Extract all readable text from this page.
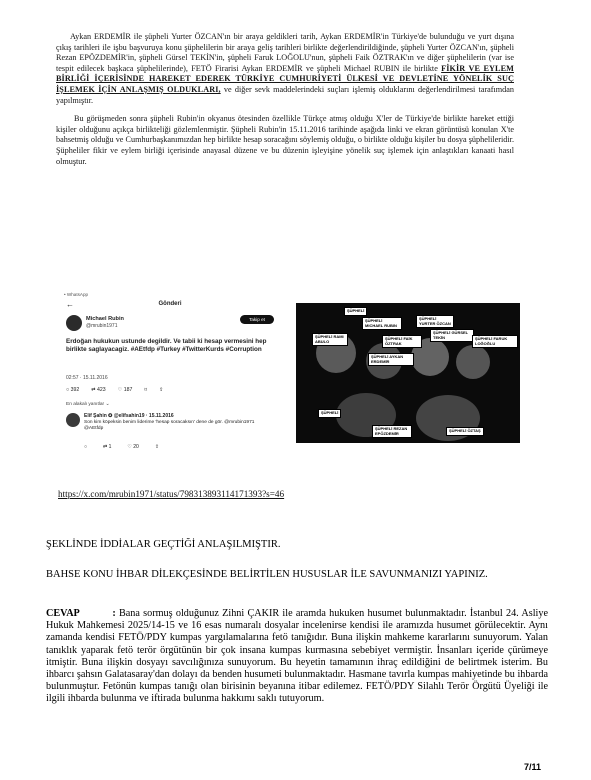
Aykan ERDEMİR ile şüpheli Yurter ÖZCAN'ın bir araya geldikleri tarih, Aykan ERDEMİR'in Türkiye'de bulunduğu ve yurt dışına çıkış tarihleri ile işbu başvuruya konu şüphelilerin bir araya geliş tarihleri birlikte değerlendirildiğinde, şüpheli Yurter ÖZCAN'ın, şüpheli Rezan EPÖZDEMİR'in, şüpheli Gürsel TEKİN'in, şüpheli Faruk LOĞOLU'nun, şüpheli Faik ÖZTRAK'ın ve diğer şüphelilerin (var ise tespit edilecek başkaca şüphelilerinde), FETÖ Firarisi Aykan ERDEMİR ve şüpheli Michael RUBIN ile birlikte FİKİR VE EYLEM BİRLİĞİ İÇERİSİNDE HAREKET EDEREK TÜRKİYE CUMHURİYETİ ÜLKESİ VE DEVLETİNE YÖNELİK SUÇ İŞLEMEK İÇİN ANLAŞMIŞ OLDUKLARI, ve diğer sevk maddelerindeki suçları işlemiş olduklarını değerlendirilmesi tarafımdan yapılmıştır.

Bu görüşmeden sonra şüpheli Rubin'in okyanus ötesinden özellikle Türkçe atmış olduğu X'ler de Türkiye'de birlikte hareket ettiği kişiler olduğunu açıkça birlikteliği gözlemlenmiştir. Şüpheli Rubin'in 15.11.2016 tarihinde aşağıda linki ve ekran görüntüsü konulan X'te bahsetmiş olduğu ve Cumhurbaşkanımızdan hep birlikte hesap soracağını söylemiş olduğu, o birlikte olduğu kişiler bu dosya şüphelileridir. Şüpheliler fikir ve eylem birliği içerisinde anayasal düzene ve bu düzenin işleyişine yönelik suç işlemek için anlaştıkları kanaati hasıl olmuştur.

• WhatsApp
←	Gönderi
Michael Rubin
@mrubin1971
Takip et
Erdoğan hukukun ustunde degildir. Ve tabii ki hesap vermesini hep birlikte saglayacagiz. #AEtfdp #Turkey #TwitterKurds #Corruption
02:57 · 15.11.2016
○ 392 ⇄ 423 ♡ 187 ⌑ ⇪
En alakalı yanıtlar ⌄
Elif Şahin ✪ @elifsahin19 · 15.11.2016
Son kim köpeksin benim liderime 'hesap soracaksın' dene de gör. @mrubin1971 @AEtfdp
○	⇄ 1	♡ 20	⇪
ŞÜPHELİ
ŞÜPHELİ MICHAEL RUBIN
ŞÜPHELİ YURTER ÖZCAN
ŞÜPHELİ RAMI ABULO
ŞÜPHELİ FAİK ÖZTRAK
ŞÜPHELİ GÜRSEL TEKİN	ŞÜPHELİ FARUK LOĞOĞLU
ŞÜPHELİ AYKAN ERDEMİR
ŞÜPHELİ
ŞÜPHELİ REZAN EPÖZDEMİR
ŞÜPHELİ ÖZTAŞ
https://x.com/mrubin1971/status/798313893114171393?s=46
ŞEKLİNDE İDDİALAR GEÇTİĞİ ANLAŞILMIŞTIR.
BAHSE KONU İHBAR DİLEKÇESİNDE BELİRTİLEN HUSUSLAR İLE SAVUNMANIZI YAPINIZ.
CEVAP	: Bana sormuş olduğunuz Zihni ÇAKIR ile aramda hukuken husumet bulunmaktadır. İstanbul 24. Asliye Hukuk Mahkemesi 2025/14-15 ve 16 esas numaralı dosyalar incelenirse kendisi ile aramızda husumet görülecektir. Aynı zamanda kendisi FETÖ/PDY kumpas yargılamalarına fetö tanığıdır. Buna ilişkin mahkeme kararlarını sunuyorum. Yalan tanıklık yaparak fetö terör örgütünün bir çok insana kumpas kurmasına sebebiyet vermiştir. İnsanları içeride çürümeye itmiştir. Buna ilişkin dosyayı savcılığınıza sunuyorum. Bu heyetin tamamının ihraç edildiğini de belirtmek isterim. Bu ihbarcı şahsın Galatasaray'dan dolayı da benden husumeti bulunmaktadır. Hasmane tavırla kumpas mahiyetinde bu ihbarda bulunmuştur. Fetönün kumpas tanığı olan birisinin beyanına itibar edilemez. FETÖ/PDY Silahlı Terör Örgütü Üyeliği ile ilgili ihbarda bulunma ve iftirada bulunma hakkımı saklı tutuyorum.
7/11
